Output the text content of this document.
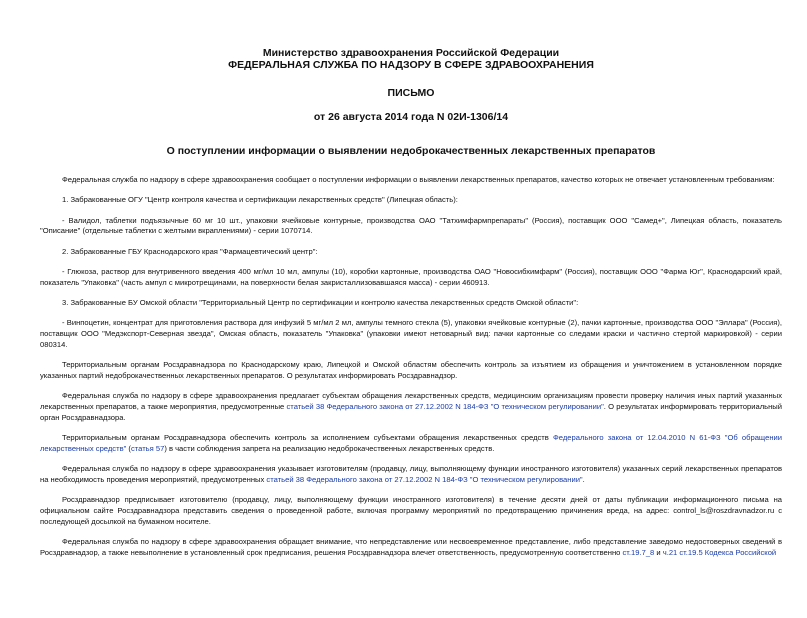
Министерство здравоохранения Российской Федерации
ФЕДЕРАЛЬНАЯ СЛУЖБА ПО НАДЗОРУ В СФЕРЕ ЗДРАВООХРАНЕНИЯ
ПИСЬМО
от 26 августа 2014 года N 02И-1306/14
О поступлении информации о выявлении недоброкачественных лекарственных препаратов

Федеральная служба по надзору в сфере здравоохранения сообщает о поступлении информации о выявлении лекарственных препаратов, качество которых не отвечает установленным требованиям:

1. Забракованные ОГУ "Центр контроля качества и сертификации лекарственных средств" (Липецкая область):

- Валидол, таблетки подъязычные 60 мг 10 шт., упаковки ячейковые контурные, производства ОАО "Татхимфармпрепараты" (Россия), поставщик ООО "Самед+", Липецкая область, показатель "Описание" (отдельные таблетки с желтыми вкраплениями) - серии 1070714.

2. Забракованные ГБУ Краснодарского края "Фармацевтический центр":

- Глюкоза, раствор для внутривенного введения 400 мг/мл 10 мл, ампулы (10), коробки картонные, производства ОАО "Новосибхимфарм" (Россия), поставщик ООО "Фарма Юг", Краснодарский край, показатель "Упаковка" (часть ампул с микротрещинами, на поверхности белая закристаллизовавшаяся масса) - серии 460913.

3. Забракованные БУ Омской области "Территориальный Центр по сертификации и контролю качества лекарственных средств Омской области":

- Винпоцетин, концентрат для приготовления раствора для инфузий 5 мг/мл 2 мл, ампулы темного стекла (5), упаковки ячейковые контурные (2), пачки картонные, производства ООО "Эллара" (Россия), поставщик ООО "Медэкспорт-Северная звезда", Омская область, показатель "Упаковка" (упаковки имеют нетоварный вид: пачки картонные со следами краски и частично стертой маркировкой) - серии 080314.

Территориальным органам Росздравнадзора по Краснодарскому краю, Липецкой и Омской областям обеспечить контроль за изъятием из обращения и уничтожением в установленном порядке указанных партий недоброкачественных лекарственных препаратов. О результатах информировать Росздравнадзор.

Федеральная служба по надзору в сфере здравоохранения предлагает субъектам обращения лекарственных средств, медицинским организациям провести проверку наличия иных партий указанных лекарственных препаратов, а также мероприятия, предусмотренные статьей 38 Федерального закона от 27.12.2002 N 184-ФЗ "О техническом регулировании". О результатах информировать территориальный орган Росздравнадзора.

Территориальным органам Росздравнадзора обеспечить контроль за исполнением субъектами обращения лекарственных средств Федерального закона от 12.04.2010 N 61-ФЗ "Об обращении лекарственных средств" (статья 57) в части соблюдения запрета на реализацию недоброкачественных лекарственных средств.

Федеральная служба по надзору в сфере здравоохранения указывает изготовителям (продавцу, лицу, выполняющему функции иностранного изготовителя) указанных серий лекарственных препаратов на необходимость проведения мероприятий, предусмотренных статьей 38 Федерального закона от 27.12.2002 N 184-ФЗ "О техническом регулировании".

Росздравнадзор предписывает изготовителю (продавцу, лицу, выполняющему функции иностранного изготовителя) в течение десяти дней от даты публикации информационного письма на официальном сайте Росздравнадзора представить сведения о проведенной работе, включая программу мероприятий по предотвращению причинения вреда, на адрес: control_ls@roszdravnadzor.ru с последующей досылкой на бумажном носителе.

Федеральная служба по надзору в сфере здравоохранения обращает внимание, что непредставление или несвоевременное представление, либо представление заведомо недостоверных сведений в Росздравнадзор, а также невыполнение в установленный срок предписания, решения Росздравнадзора влечет ответственность, предусмотренную соответственно ст.19.7_8 и ч.21 ст.19.5 Кодекса Российской
